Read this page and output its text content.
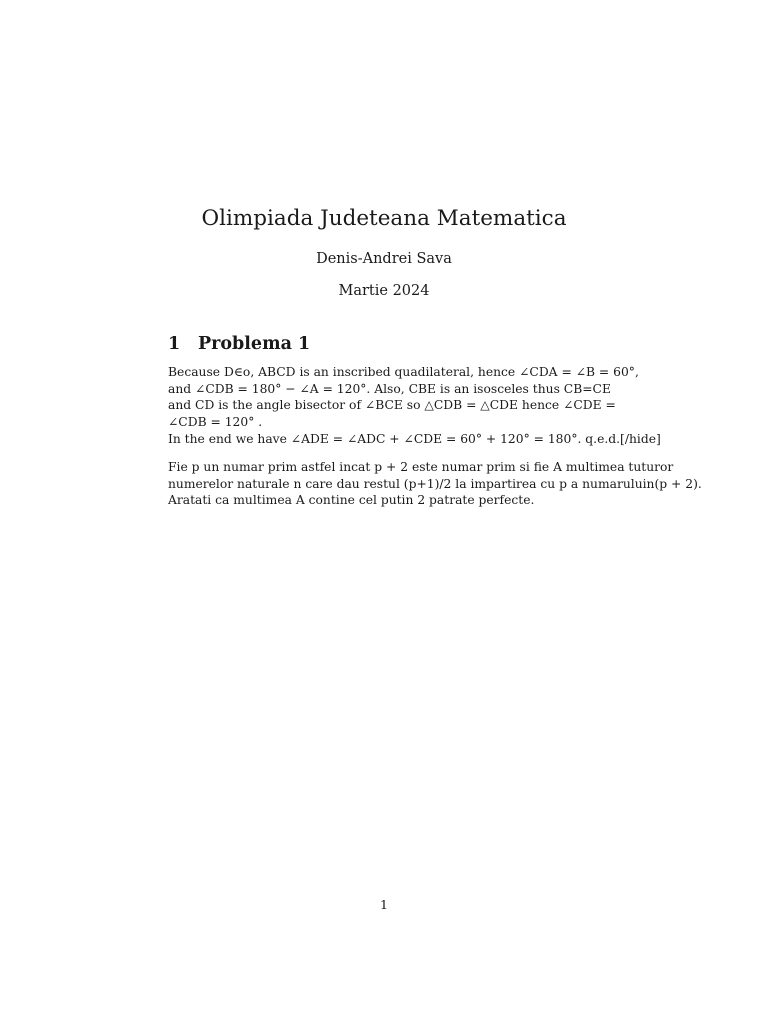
Olimpiada Judeteana Matematica
Denis-Andrei Sava
Martie 2024
1 Problema 1
Because D∈o, ABCD is an inscribed quadilateral, hence ∠CDA = ∠B = 60°,
and ∠CDB = 180° − ∠A = 120°. Also, CBE is an isosceles thus CB=CE
and CD is the angle bisector of ∠BCE so △CDB = △CDE hence ∠CDE =
∠CDB = 120° .
In the end we have ∠ADE = ∠ADC + ∠CDE = 60° + 120° = 180°. q.e.d.[/hide]
Fie p un numar prim astfel incat p + 2 este numar prim si fie A multimea tuturor
numerelor naturale n care dau restul (p+1)/2 la impartirea cu p a numaruluin(p + 2).
Aratati ca multimea A contine cel putin 2 patrate perfecte.
1
